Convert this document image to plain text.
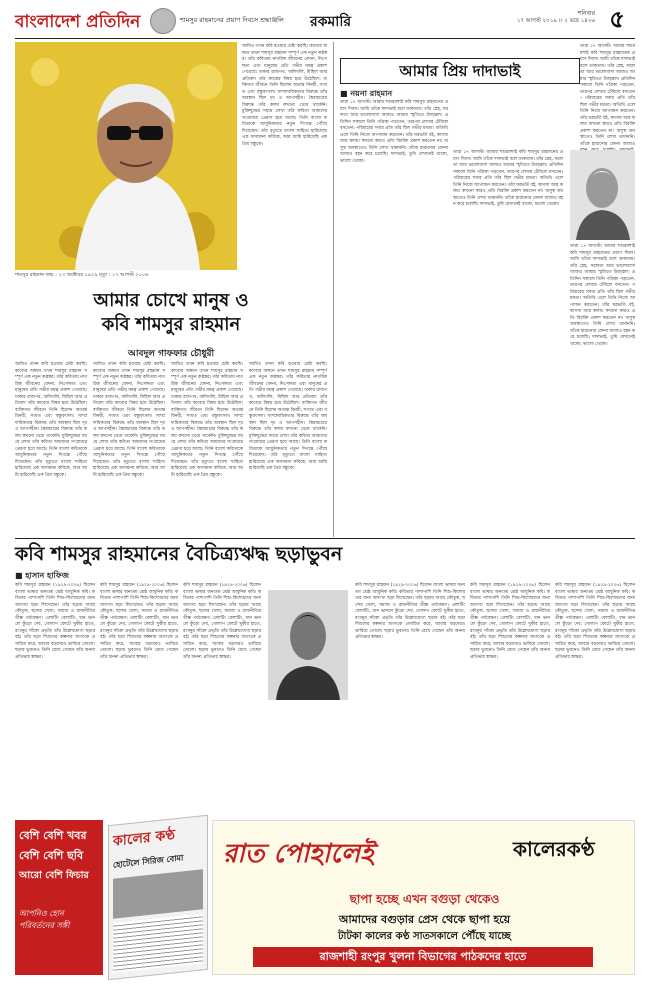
বাংলাদেশ প্রতিদিন	শামসুর রাহমানের প্রয়াণ দিবসে শ্রদ্ধাঞ্জলি রকমারি
শনিবার
১৭ আগস্ট ২০১৯ ।। ২ ভাদ্র ১৪২৬ ৫
শামসুর রাহমান জন্ম : ২৩ অক্টোবর ১৯২৯ মৃত্যু : ১৭ আগস্ট ২০০৬
আমিও তখন কবি হওয়ার চেষ্টা করছি। কাব্যের অঙ্গনে তখন শামসুর রাহমান সম্পূর্ণ এক নতুন কণ্ঠস্বর। তাঁর কবিতায় নাগরিক জীবনের বেদনা, নিঃসঙ্গতা এবং মানুষের প্রতি গভীর মমত্ব প্রকাশ পেয়েছে। ঢাকার রাজপথ, অলিগলি, মিছিল আর প্রতিবাদ তাঁর কাব্যের বিষয় হয়ে উঠেছিল। ব্যক্তিগত জীবনে তিনি ছিলেন অত্যন্ত বিনয়ী, সংযত এবং বন্ধুবৎসল। সাম্প্রদায়িকতার বিরুদ্ধে তাঁর অবস্থান ছিল দৃঢ় ও আপসহীন। স্বৈরাচারের বিরুদ্ধে তাঁর কলম কখনো থেমে থাকেনি। মুক্তিযুদ্ধের সময়ে লেখা তাঁর কবিতা আমাদের সংগ্রামের প্রেরণা হয়ে আছে। তিনি বাংলা কবিতাকে আধুনিকতার নতুন দিগন্তে পৌঁছে দিয়েছেন। তাঁর মৃত্যুতে বাংলা সাহিত্য হারিয়েছে এক অসামান্য কবিকে, আর আমি হারিয়েছি এক প্রিয় বন্ধুকে।
আমার চোখে মানুষ ও
কবি শামসুর রাহমান
আবদুল গাফফার চৌধুরী
আমিও তখন কবি হওয়ার চেষ্টা করছি। কাব্যের অঙ্গনে তখন শামসুর রাহমান সম্পূর্ণ এক নতুন কণ্ঠস্বর। তাঁর কবিতায় নাগরিক জীবনের বেদনা, নিঃসঙ্গতা এবং মানুষের প্রতি গভীর মমত্ব প্রকাশ পেয়েছে। ঢাকার রাজপথ, অলিগলি, মিছিল আর প্রতিবাদ তাঁর কাব্যের বিষয় হয়ে উঠেছিল। ব্যক্তিগত জীবনে তিনি ছিলেন অত্যন্ত বিনয়ী, সংযত এবং বন্ধুবৎসল। সাম্প্রদায়িকতার বিরুদ্ধে তাঁর অবস্থান ছিল দৃঢ় ও আপসহীন। স্বৈরাচারের বিরুদ্ধে তাঁর কলম কখনো থেমে থাকেনি। মুক্তিযুদ্ধের সময়ে লেখা তাঁর কবিতা আমাদের সংগ্রামের প্রেরণা হয়ে আছে। তিনি বাংলা কবিতাকে আধুনিকতার নতুন দিগন্তে পৌঁছে দিয়েছেন। তাঁর মৃত্যুতে বাংলা সাহিত্য হারিয়েছে এক অসামান্য কবিকে, আর আমি হারিয়েছি এক প্রিয় বন্ধুকে।
আমিও তখন কবি হওয়ার চেষ্টা করছি। কাব্যের অঙ্গনে তখন শামসুর রাহমান সম্পূর্ণ এক নতুন কণ্ঠস্বর। তাঁর কবিতায় নাগরিক জীবনের বেদনা, নিঃসঙ্গতা এবং মানুষের প্রতি গভীর মমত্ব প্রকাশ পেয়েছে। ঢাকার রাজপথ, অলিগলি, মিছিল আর প্রতিবাদ তাঁর কাব্যের বিষয় হয়ে উঠেছিল। ব্যক্তিগত জীবনে তিনি ছিলেন অত্যন্ত বিনয়ী, সংযত এবং বন্ধুবৎসল। সাম্প্রদায়িকতার বিরুদ্ধে তাঁর অবস্থান ছিল দৃঢ় ও আপসহীন। স্বৈরাচারের বিরুদ্ধে তাঁর কলম কখনো থেমে থাকেনি। মুক্তিযুদ্ধের সময়ে লেখা তাঁর কবিতা আমাদের সংগ্রামের প্রেরণা হয়ে আছে। তিনি বাংলা কবিতাকে আধুনিকতার নতুন দিগন্তে পৌঁছে দিয়েছেন। তাঁর মৃত্যুতে বাংলা সাহিত্য হারিয়েছে এক অসামান্য কবিকে, আর আমি হারিয়েছি এক প্রিয় বন্ধুকে।
আমিও তখন কবি হওয়ার চেষ্টা করছি। কাব্যের অঙ্গনে তখন শামসুর রাহমান সম্পূর্ণ এক নতুন কণ্ঠস্বর। তাঁর কবিতায় নাগরিক জীবনের বেদনা, নিঃসঙ্গতা এবং মানুষের প্রতি গভীর মমত্ব প্রকাশ পেয়েছে। ঢাকার রাজপথ, অলিগলি, মিছিল আর প্রতিবাদ তাঁর কাব্যের বিষয় হয়ে উঠেছিল। ব্যক্তিগত জীবনে তিনি ছিলেন অত্যন্ত বিনয়ী, সংযত এবং বন্ধুবৎসল। সাম্প্রদায়িকতার বিরুদ্ধে তাঁর অবস্থান ছিল দৃঢ় ও আপসহীন। স্বৈরাচারের বিরুদ্ধে তাঁর কলম কখনো থেমে থাকেনি। মুক্তিযুদ্ধের সময়ে লেখা তাঁর কবিতা আমাদের সংগ্রামের প্রেরণা হয়ে আছে। তিনি বাংলা কবিতাকে আধুনিকতার নতুন দিগন্তে পৌঁছে দিয়েছেন। তাঁর মৃত্যুতে বাংলা সাহিত্য হারিয়েছে এক অসামান্য কবিকে, আর আমি হারিয়েছি এক প্রিয় বন্ধুকে।
আমিও তখন কবি হওয়ার চেষ্টা করছি। কাব্যের অঙ্গনে তখন শামসুর রাহমান সম্পূর্ণ এক নতুন কণ্ঠস্বর। তাঁর কবিতায় নাগরিক জীবনের বেদনা, নিঃসঙ্গতা এবং মানুষের প্রতি গভীর মমত্ব প্রকাশ পেয়েছে। ঢাকার রাজপথ, অলিগলি, মিছিল আর প্রতিবাদ তাঁর কাব্যের বিষয় হয়ে উঠেছিল। ব্যক্তিগত জীবনে তিনি ছিলেন অত্যন্ত বিনয়ী, সংযত এবং বন্ধুবৎসল। সাম্প্রদায়িকতার বিরুদ্ধে তাঁর অবস্থান ছিল দৃঢ় ও আপসহীন। স্বৈরাচারের বিরুদ্ধে তাঁর কলম কখনো থেমে থাকেনি। মুক্তিযুদ্ধের সময়ে লেখা তাঁর কবিতা আমাদের সংগ্রামের প্রেরণা হয়ে আছে। তিনি বাংলা কবিতাকে আধুনিকতার নতুন দিগন্তে পৌঁছে দিয়েছেন। তাঁর মৃত্যুতে বাংলা সাহিত্য হারিয়েছে এক অসামান্য কবিকে, আর আমি হারিয়েছি এক প্রিয় বন্ধুকে।
আমার প্রিয় দাদাভাই
তারা ১৭ আগস্ট। আমার শশুরমশাই কবি শামসুর রাহমানের প্রয়াণ দিবস। আমি তাঁকে দাদাভাই বলে ডাকতাম। তাঁর স্নেহ, সরলতা আর ভালোবাসা আজও আমার স্মৃতিতে উজ্জ্বল। প্রতিদিন সকালে তিনি পত্রিকা পড়তেন, তারপর লেখার টেবিলে বসতেন। পরিবারের সবার প্রতি তাঁর ছিল গভীর মমতা। অতিথি এলে তিনি নিজে আপ্যায়ন করতেন। তাঁর ঘরভর্তি বই, কাগজ আর কলম। কখনো কারও প্রতি বিরক্তি প্রকাশ করতেন না। অসুস্থ অবস্থাতেও তিনি লেখা থামাননি। তাঁকে হারানোর বেদনা আজও
■ নয়না রাহমান
তারা ১৭ আগস্ট। আমার শশুরমশাই কবি শামসুর রাহমানের প্রয়াণ দিবস। আমি তাঁকে দাদাভাই বলে ডাকতাম। তাঁর স্নেহ, সরলতা আর ভালোবাসা আজও আমার স্মৃতিতে উজ্জ্বল। প্রতিদিন সকালে তিনি পত্রিকা পড়তেন, তারপর লেখার টেবিলে বসতেন। পরিবারের সবার প্রতি তাঁর ছিল গভীর মমতা। অতিথি এলে তিনি নিজে আপ্যায়ন করতেন। তাঁর ঘরভর্তি বই, কাগজ আর কলম। কখনো কারও প্রতি বিরক্তি প্রকাশ করতেন না। অসুস্থ অবস্থাতেও তিনি লেখা থামাননি। তাঁকে হারানোর বেদনা আজও বহন করে চলেছি। দাদাভাই, তুমি যেখানেই থাকো, ভালো থেকো।
তারা ১৭ আগস্ট। আমার শশুরমশাই কবি শামসুর রাহমানের প্রয়াণ দিবস। আমি তাঁকে দাদাভাই বলে ডাকতাম। তাঁর স্নেহ, সরলতা আর ভালোবাসা আজও আমার স্মৃতিতে উজ্জ্বল। প্রতিদিন সকালে তিনি পত্রিকা পড়তেন, তারপর লেখার টেবিলে বসতেন। পরিবারের সবার প্রতি তাঁর ছিল গভীর মমতা। অতিথি এলে তিনি নিজে আপ্যায়ন করতেন। তাঁর ঘরভর্তি বই, কাগজ আর কলম। কখনো কারও প্রতি বিরক্তি প্রকাশ করতেন না। অসুস্থ অবস্থাতেও তিনি লেখা থামাননি। তাঁকে হারানোর বেদনা আজও বহন করে চলেছি। দাদাভাই, তুমি যেখানেই থাকো, ভালো থেকো।
তারা ১৭ আগস্ট। আমার শশুরমশাই কবি শামসুর রাহমানের প্রয়াণ দিবস। আমি তাঁকে দাদাভাই বলে ডাকতাম। তাঁর স্নেহ, সরলতা আর ভালোবাসা আজও আমার স্মৃতিতে উজ্জ্বল। প্রতিদিন সকালে তিনি পত্রিকা পড়তেন, তারপর লেখার টেবিলে বসতেন। পরিবারের সবার প্রতি তাঁর ছিল গভীর মমতা। অতিথি এলে তিনি নিজে আপ্যায়ন করতেন। তাঁর ঘরভর্তি বই, কাগজ আর কলম। কখনো কারও প্রতি বিরক্তি প্রকাশ করতেন না। অসুস্থ অবস্থাতেও তিনি লেখা থামাননি। তাঁকে হারানোর বেদনা আজও বহন করে চলেছি। দাদাভাই, তুমি যেখানেই থাকো, ভালো থেকো।
কবি শামসুর রাহমানের বৈচিত্র্যঋদ্ধ ছড়াভুবন
■ হাসান হাফিজ
কবি শামসুর রাহমান (১৯২৯-২০০৬) ছিলেন বাংলা ভাষার অন্যতম শ্রেষ্ঠ আধুনিক কবি। কবিতার পাশাপাশি তিনি শিশু-কিশোরদের জন্য অসংখ্য ছড়া লিখেছেন। তাঁর ছড়ায় আছে কৌতুক, ছন্দের খেলা, সমাজ ও রাজনীতির তীক্ষ্ণ পর্যবেক্ষণ। এলাটিং বেলাটিং, ধান ভানলে কুঁড়ো দেব, গোলাপ ফোটে খুকীর হাতে, রংধনুর সাঁকো প্রভৃতি তাঁর উল্লেখযোগ্য ছড়ার বই। তাঁর ছড়া শিশুদের কল্পনার জগৎকে প্রসারিত করে, আবার বড়দেরও ভাবিয়ে তোলে। ছড়ার ভুবনেও তিনি রেখে গেছেন তাঁর অনন্য প্রতিভার স্বাক্ষর।
কবি শামসুর রাহমান (১৯২৯-২০০৬) ছিলেন বাংলা ভাষার অন্যতম শ্রেষ্ঠ আধুনিক কবি। কবিতার পাশাপাশি তিনি শিশু-কিশোরদের জন্য অসংখ্য ছড়া লিখেছেন। তাঁর ছড়ায় আছে কৌতুক, ছন্দের খেলা, সমাজ ও রাজনীতির তীক্ষ্ণ পর্যবেক্ষণ। এলাটিং বেলাটিং, ধান ভানলে কুঁড়ো দেব, গোলাপ ফোটে খুকীর হাতে, রংধনুর সাঁকো প্রভৃতি তাঁর উল্লেখযোগ্য ছড়ার বই। তাঁর ছড়া শিশুদের কল্পনার জগৎকে প্রসারিত করে, আবার বড়দেরও ভাবিয়ে তোলে। ছড়ার ভুবনেও তিনি রেখে গেছেন তাঁর অনন্য প্রতিভার স্বাক্ষর।
কবি শামসুর রাহমান (১৯২৯-২০০৬) ছিলেন বাংলা ভাষার অন্যতম শ্রেষ্ঠ আধুনিক কবি। কবিতার পাশাপাশি তিনি শিশু-কিশোরদের জন্য অসংখ্য ছড়া লিখেছেন। তাঁর ছড়ায় আছে কৌতুক, ছন্দের খেলা, সমাজ ও রাজনীতির তীক্ষ্ণ পর্যবেক্ষণ। এলাটিং বেলাটিং, ধান ভানলে কুঁড়ো দেব, গোলাপ ফোটে খুকীর হাতে, রংধনুর সাঁকো প্রভৃতি তাঁর উল্লেখযোগ্য ছড়ার বই। তাঁর ছড়া শিশুদের কল্পনার জগৎকে প্রসারিত করে, আবার বড়দেরও ভাবিয়ে তোলে। ছড়ার ভুবনেও তিনি রেখে গেছেন তাঁর অনন্য প্রতিভার স্বাক্ষর।
কবি শামসুর রাহমান (১৯২৯-২০০৬) ছিলেন বাংলা ভাষার অন্যতম শ্রেষ্ঠ আধুনিক কবি। কবিতার পাশাপাশি তিনি শিশু-কিশোরদের জন্য অসংখ্য ছড়া লিখেছেন। তাঁর ছড়ায় আছে কৌতুক, ছন্দের খেলা, সমাজ ও রাজনীতির তীক্ষ্ণ পর্যবেক্ষণ। এলাটিং বেলাটিং, ধান ভানলে কুঁড়ো দেব, গোলাপ ফোটে খুকীর হাতে, রংধনুর সাঁকো প্রভৃতি তাঁর উল্লেখযোগ্য ছড়ার বই। তাঁর ছড়া শিশুদের কল্পনার জগৎকে প্রসারিত করে, আবার বড়দেরও ভাবিয়ে তোলে। ছড়ার ভুবনেও তিনি রেখে গেছেন তাঁর অনন্য প্রতিভার স্বাক্ষর।
কবি শামসুর রাহমান (১৯২৯-২০০৬) ছিলেন বাংলা ভাষার অন্যতম শ্রেষ্ঠ আধুনিক কবি। কবিতার পাশাপাশি তিনি শিশু-কিশোরদের জন্য অসংখ্য ছড়া লিখেছেন। তাঁর ছড়ায় আছে কৌতুক, ছন্দের খেলা, সমাজ ও রাজনীতির তীক্ষ্ণ পর্যবেক্ষণ। এলাটিং বেলাটিং, ধান ভানলে কুঁড়ো দেব, গোলাপ ফোটে খুকীর হাতে, রংধনুর সাঁকো প্রভৃতি তাঁর উল্লেখযোগ্য ছড়ার বই। তাঁর ছড়া শিশুদের কল্পনার জগৎকে প্রসারিত করে, আবার বড়দেরও ভাবিয়ে তোলে। ছড়ার ভুবনেও তিনি রেখে গেছেন তাঁর অনন্য প্রতিভার স্বাক্ষর।
কবি শামসুর রাহমান (১৯২৯-২০০৬) ছিলেন বাংলা ভাষার অন্যতম শ্রেষ্ঠ আধুনিক কবি। কবিতার পাশাপাশি তিনি শিশু-কিশোরদের জন্য অসংখ্য ছড়া লিখেছেন। তাঁর ছড়ায় আছে কৌতুক, ছন্দের খেলা, সমাজ ও রাজনীতির তীক্ষ্ণ পর্যবেক্ষণ। এলাটিং বেলাটিং, ধান ভানলে কুঁড়ো দেব, গোলাপ ফোটে খুকীর হাতে, রংধনুর সাঁকো প্রভৃতি তাঁর উল্লেখযোগ্য ছড়ার বই। তাঁর ছড়া শিশুদের কল্পনার জগৎকে প্রসারিত করে, আবার বড়দেরও ভাবিয়ে তোলে। ছড়ার ভুবনেও তিনি রেখে গেছেন তাঁর অনন্য প্রতিভার স্বাক্ষর।
বেশি বেশি খবর
বেশি বেশি ছবি
আরো বেশি ফিচার
আপনিও হোন পরিবর্তনের সঙ্গী
কালের কণ্ঠ
হোটেলে সিরিজ বোমা	রাত পোহালেই	কালেরকণ্ঠ
ছাপা হচ্ছে এখন বগুড়া থেকেও
আমাদের বগুড়ার প্রেস থেকে ছাপা হয়ে
টাটকা কালের কণ্ঠ সাতসকালে পৌঁছে যাচ্ছে
রাজশাহী রংপুর খুলনা বিভাগের পাঠকদের হাতে
